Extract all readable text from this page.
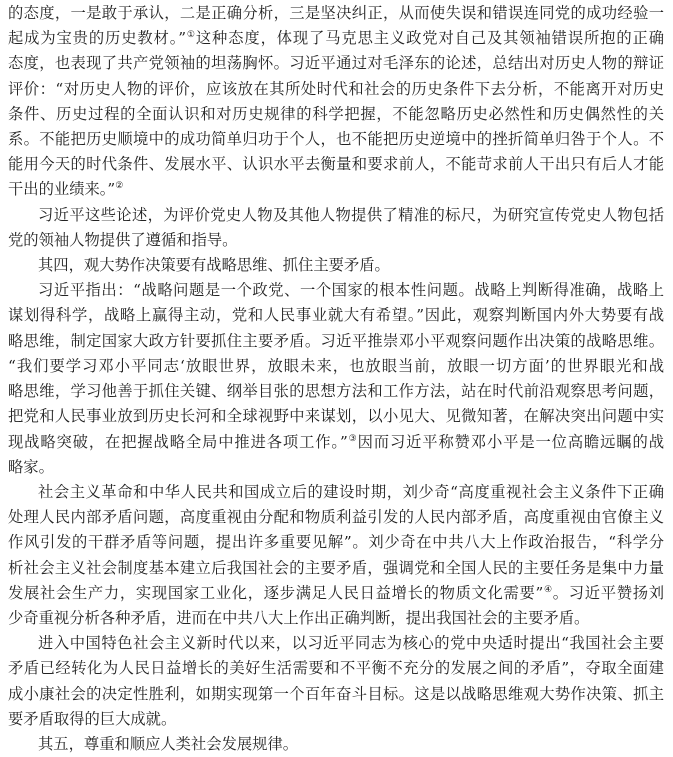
的态度，一是敢于承认，二是正确分析，三是坚决纠正，从而使失误和错误连同党的成功经验一
起成为宝贵的历史教材。”①这种态度，体现了马克思主义政党对自己及其领袖错误所抱的正确
态度，也表现了共产党领袖的坦荡胸怀。习近平通过对毛泽东的论述，总结出对历史人物的辩证
评价：“对历史人物的评价，应该放在其所处时代和社会的历史条件下去分析，不能离开对历史
条件、历史过程的全面认识和对历史规律的科学把握，不能忽略历史必然性和历史偶然性的关
系。不能把历史顺境中的成功简单归功于个人，也不能把历史逆境中的挫折简单归咎于个人。不
能用今天的时代条件、发展水平、认识水平去衡量和要求前人，不能苛求前人干出只有后人才能
干出的业绩来。”②
习近平这些论述，为评价党史人物及其他人物提供了精准的标尺，为研究宣传党史人物包括
党的领袖人物提供了遵循和指导。
其四，观大势作决策要有战略思维、抓住主要矛盾。
习近平指出：“战略问题是一个政党、一个国家的根本性问题。战略上判断得准确，战略上
谋划得科学，战略上赢得主动，党和人民事业就大有希望。”因此，观察判断国内外大势要有战
略思维，制定国家大政方针要抓住主要矛盾。习近平推崇邓小平观察问题作出决策的战略思维。
“我们要学习邓小平同志‘放眼世界，放眼未来，也放眼当前，放眼一切方面’的世界眼光和战
略思维，学习他善于抓住关键、纲举目张的思想方法和工作方法，站在时代前沿观察思考问题，
把党和人民事业放到历史长河和全球视野中来谋划，以小见大、见微知著，在解决突出问题中实
现战略突破，在把握战略全局中推进各项工作。”③因而习近平称赞邓小平是一位高瞻远瞩的战
略家。
社会主义革命和中华人民共和国成立后的建设时期，刘少奇“高度重视社会主义条件下正确
处理人民内部矛盾问题，高度重视由分配和物质利益引发的人民内部矛盾，高度重视由官僚主义
作风引发的干群矛盾等问题，提出许多重要见解”。刘少奇在中共八大上作政治报告，“科学分
析社会主义社会制度基本建立后我国社会的主要矛盾，强调党和全国人民的主要任务是集中力量
发展社会生产力，实现国家工业化，逐步满足人民日益增长的物质文化需要”④。习近平赞扬刘
少奇重视分析各种矛盾，进而在中共八大上作出正确判断，提出我国社会的主要矛盾。
进入中国特色社会主义新时代以来，以习近平同志为核心的党中央适时提出“我国社会主要
矛盾已经转化为人民日益增长的美好生活需要和不平衡不充分的发展之间的矛盾”，夺取全面建
成小康社会的决定性胜利，如期实现第一个百年奋斗目标。这是以战略思维观大势作决策、抓主
要矛盾取得的巨大成就。
其五，尊重和顺应人类社会发展规律。
